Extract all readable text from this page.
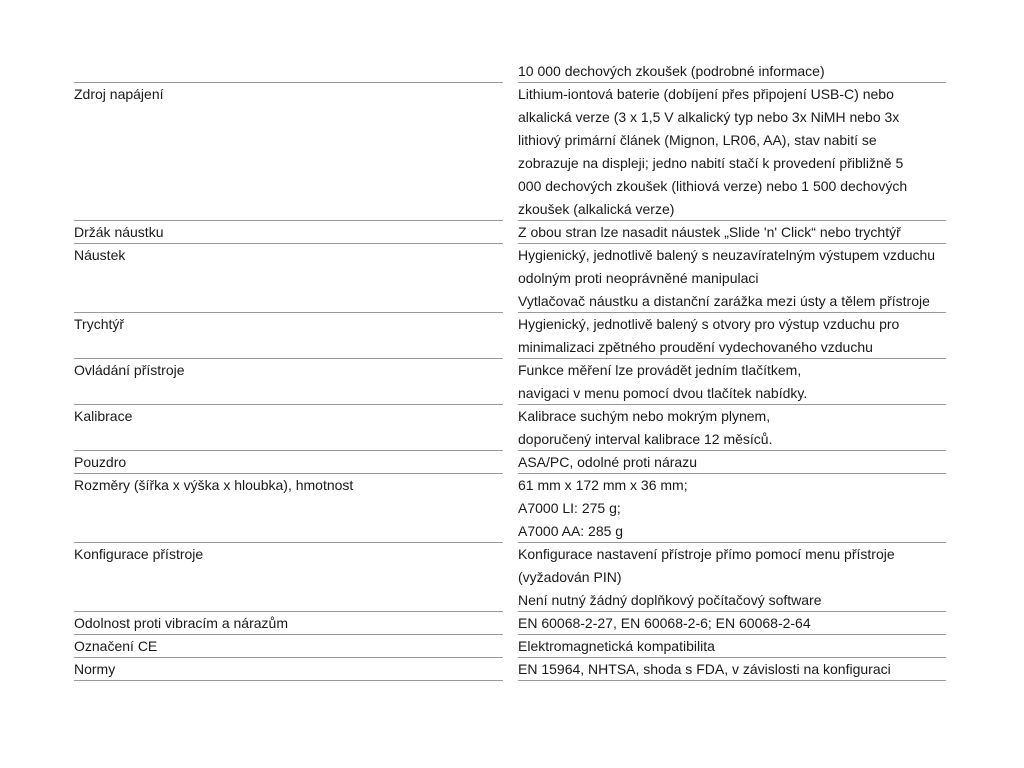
10 000 dechových zkoušek (podrobné informace)
Zdroj napájení	Lithium-iontová baterie (dobíjení přes připojení USB-C) nebo
alkalická verze (3 x 1,5 V alkalický typ nebo 3x NiMH nebo 3x
lithiový primární článek (Mignon, LR06, AA), stav nabití se
zobrazuje na displeji; jedno nabití stačí k provedení přibližně 5
000 dechových zkoušek (lithiová verze) nebo 1 500 dechových
zkoušek (alkalická verze)
Držák náustku	Z obou stran lze nasadit náustek „Slide 'n' Click“ nebo trychtýř
Náustek	Hygienický, jednotlivě balený s neuzavíratelným výstupem vzduchu
odolným proti neoprávněné manipulaci
Vytlačovač náustku a distanční zarážka mezi ústy a tělem přístroje
Trychtýř	Hygienický, jednotlivě balený s otvory pro výstup vzduchu pro
minimalizaci zpětného proudění vydechovaného vzduchu
Ovládání přístroje	Funkce měření lze provádět jedním tlačítkem,
navigaci v menu pomocí dvou tlačítek nabídky.
Kalibrace	Kalibrace suchým nebo mokrým plynem,
doporučený interval kalibrace 12 měsíců.
Pouzdro	ASA/PC, odolné proti nárazu
Rozměry (šířka x výška x hloubka), hmotnost	61 mm x 172 mm x 36 mm;
A7000 LI: 275 g;
A7000 AA: 285 g
Konfigurace přístroje	Konfigurace nastavení přístroje přímo pomocí menu přístroje
(vyžadován PIN)
Není nutný žádný doplňkový počítačový software
Odolnost proti vibracím a nárazům	EN 60068-2-27, EN 60068-2-6; EN 60068-2-64
Označení CE	Elektromagnetická kompatibilita
Normy	EN 15964, NHTSA, shoda s FDA, v závislosti na konfiguraci
